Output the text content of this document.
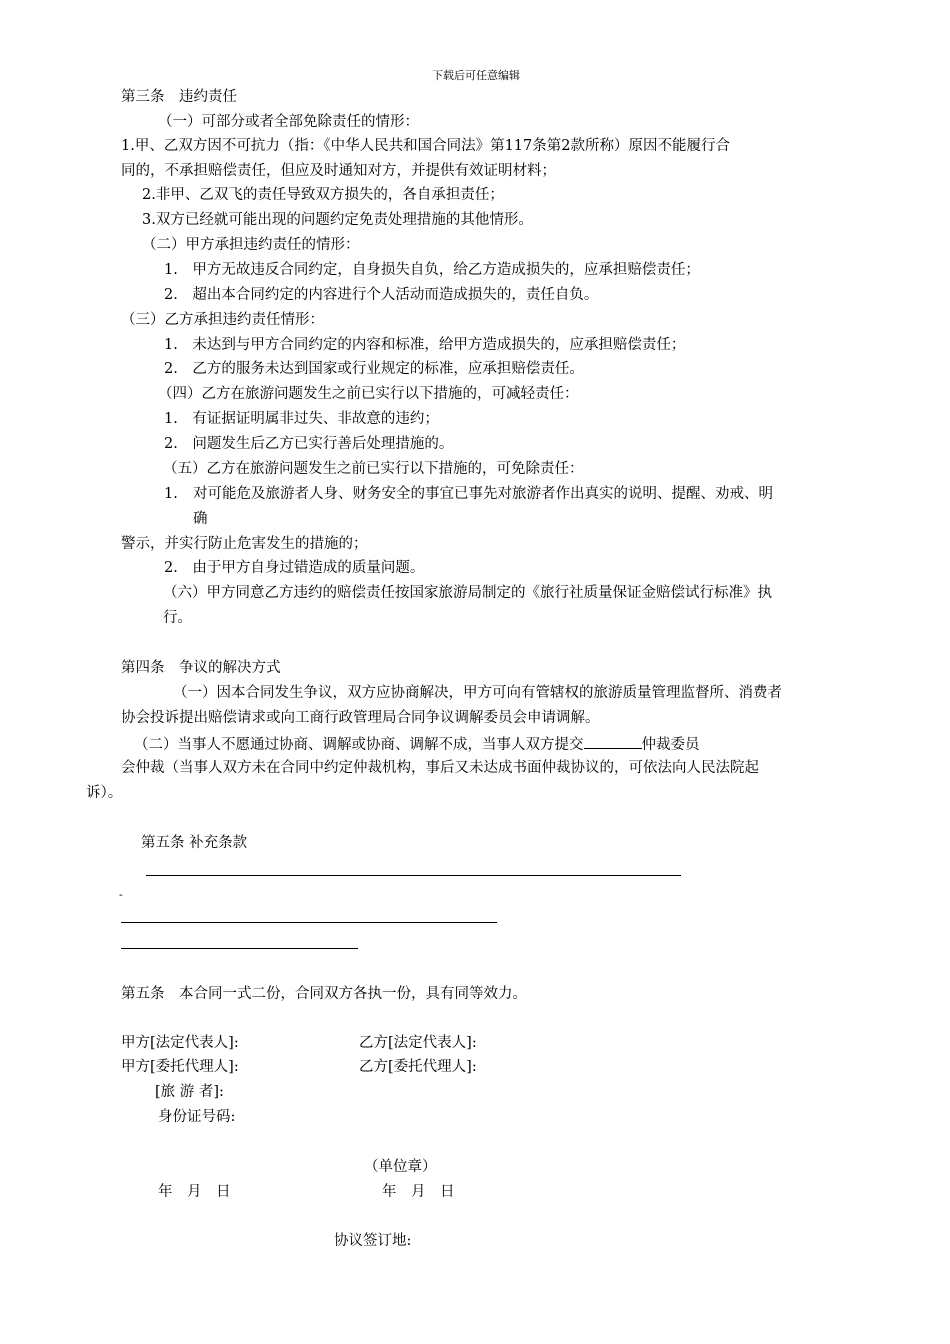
下载后可任意编辑
第三条　违约责任
（一）可部分或者全部免除责任的情形：
1.甲、乙双方因不可抗力（指：《中华人民共和国合同法》第117条第2款所称）原因不能履行合
同的，不承担赔偿责任，但应及时通知对方，并提供有效证明材料；
2.非甲、乙双飞的责任导致双方损失的，各自承担责任；
3.双方已经就可能出现的问题约定免责处理措施的其他情形。
（二）甲方承担违约责任的情形：
1.　甲方无故违反合同约定，自身损失自负，给乙方造成损失的，应承担赔偿责任；
2.　超出本合同约定的内容进行个人活动而造成损失的，责任自负。
（三）乙方承担违约责任情形：
1.　未达到与甲方合同约定的内容和标准，给甲方造成损失的，应承担赔偿责任；
2.　乙方的服务未达到国家或行业规定的标准，应承担赔偿责任。
（四）乙方在旅游问题发生之前已实行以下措施的，可减轻责任：
1.　有证据证明属非过失、非故意的违约；
2.　问题发生后乙方已实行善后处理措施的。
（五）乙方在旅游问题发生之前已实行以下措施的，可免除责任：
1. 对可能危及旅游者人身、财务安全的事宜已事先对旅游者作出真实的说明、提醒、劝戒、明
确
警示，并实行防止危害发生的措施的；
2.　由于甲方自身过错造成的质量问题。
（六）甲方同意乙方违约的赔偿责任按国家旅游局制定的《旅行社质量保证金赔偿试行标准》执
行。
第四条　争议的解决方式
（一）因本合同发生争议，双方应协商解决，甲方可向有管辖权的旅游质量管理监督所、消费者
协会投诉提出赔偿请求或向工商行政管理局合同争议调解委员会申请调解。
（二）当事人不愿通过协商、调解或协商、调解不成，当事人双方提交	仲裁委员
会仲裁（当事人双方未在合同中约定仲裁机构，事后又未达成书面仲裁协议的，可依法向人民法院起
诉）。
第五条 补充条款
-
第五条　本合同一式二份，合同双方各执一份，具有同等效力。
甲方[法定代表人]:	乙方[法定代表人]:
甲方[委托代理人]:	乙方[委托代理人]:
[旅 游 者]:
身份证号码:
（单位章）
年　月　日	年　月　日
协议签订地:
